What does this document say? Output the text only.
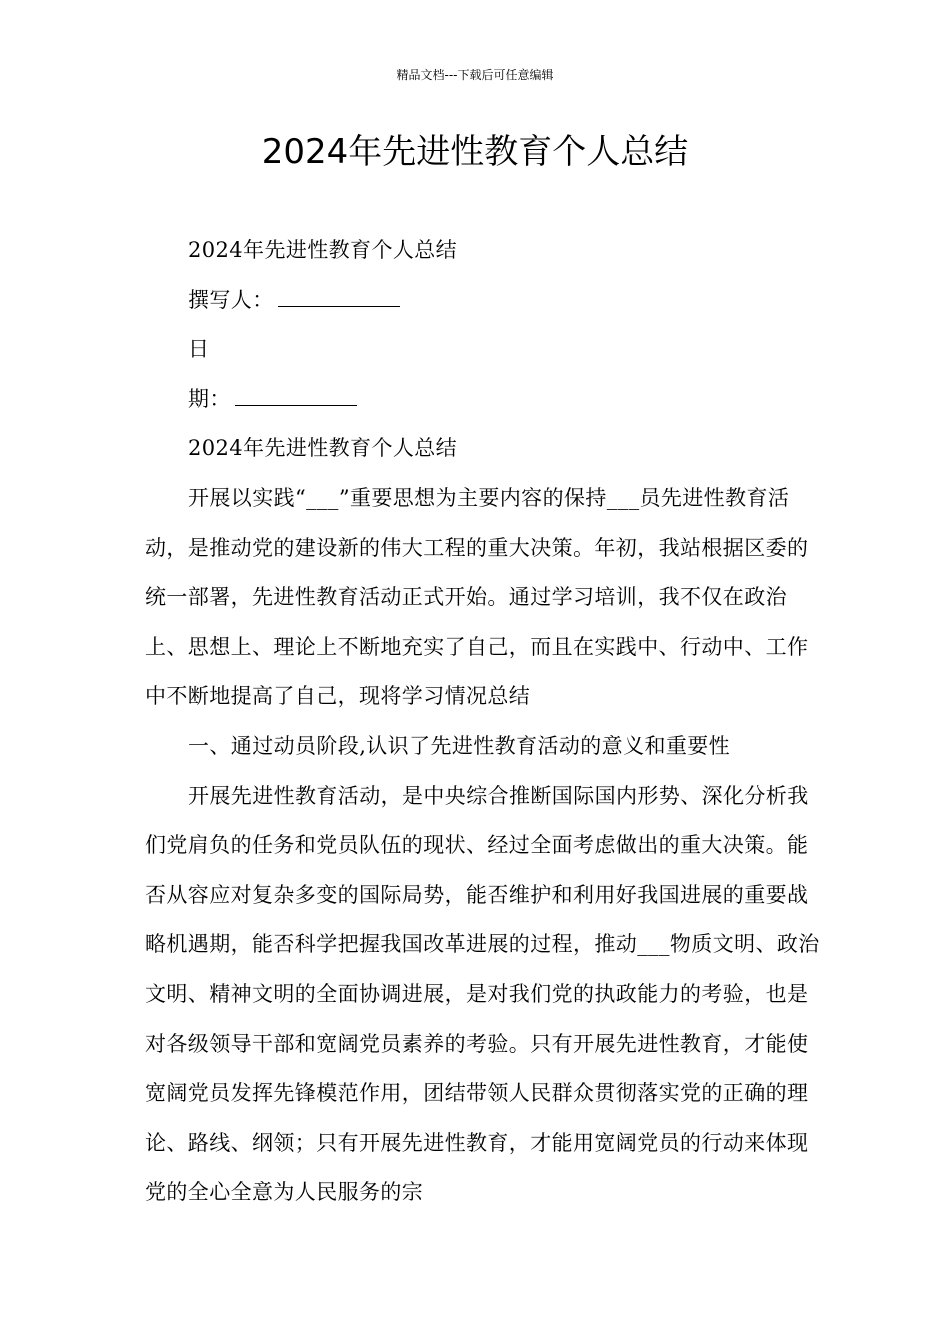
精品文档---下载后可任意编辑
2024年先进性教育个人总结

2024年先进性教育个人总结

撰写人：

日

期：

2024年先进性教育个人总结

开展以实践“___”重要思想为主要内容的保持___员先进性教育活动，是推动党的建设新的伟大工程的重大决策。年初，我站根据区委的统一部署，先进性教育活动正式开始。通过学习培训，我不仅在政治上、思想上、理论上不断地充实了自己，而且在实践中、行动中、工作中不断地提高了自己，现将学习情况总结

一、通过动员阶段,认识了先进性教育活动的意义和重要性

开展先进性教育活动，是中央综合推断国际国内形势、深化分析我们党肩负的任务和党员队伍的现状、经过全面考虑做出的重大决策。能否从容应对复杂多变的国际局势，能否维护和利用好我国进展的重要战略机遇期，能否科学把握我国改革进展的过程，推动___物质文明、政治文明、精神文明的全面协调进展，是对我们党的执政能力的考验，也是对各级领导干部和宽阔党员素养的考验。只有开展先进性教育，才能使宽阔党员发挥先锋模范作用，团结带领人民群众贯彻落实党的正确的理论、路线、纲领；只有开展先进性教育，才能用宽阔党员的行动来体现党的全心全意为人民服务的宗
